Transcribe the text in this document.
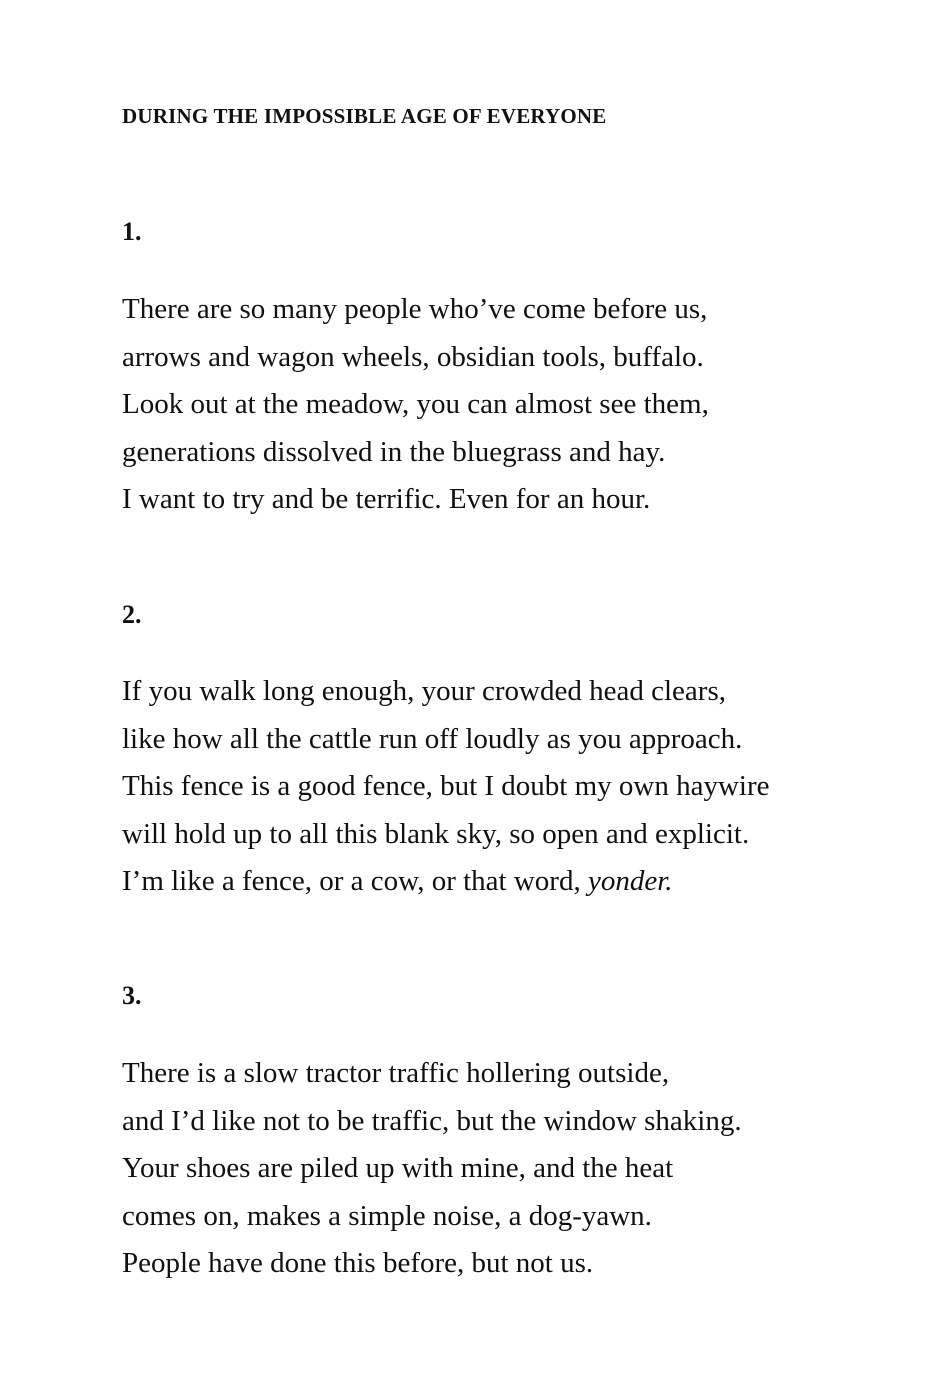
DURING THE IMPOSSIBLE AGE OF EVERYONE
1.
There are so many people who’ve come before us,
arrows and wagon wheels, obsidian tools, buffalo.
Look out at the meadow, you can almost see them,
generations dissolved in the bluegrass and hay.
I want to try and be terrific. Even for an hour.
2.
If you walk long enough, your crowded head clears,
like how all the cattle run off loudly as you approach.
This fence is a good fence, but I doubt my own haywire
will hold up to all this blank sky, so open and explicit.
I’m like a fence, or a cow, or that word, yonder.
3.
There is a slow tractor traffic hollering outside,
and I’d like not to be traffic, but the window shaking.
Your shoes are piled up with mine, and the heat
comes on, makes a simple noise, a dog-yawn.
People have done this before, but not us.
